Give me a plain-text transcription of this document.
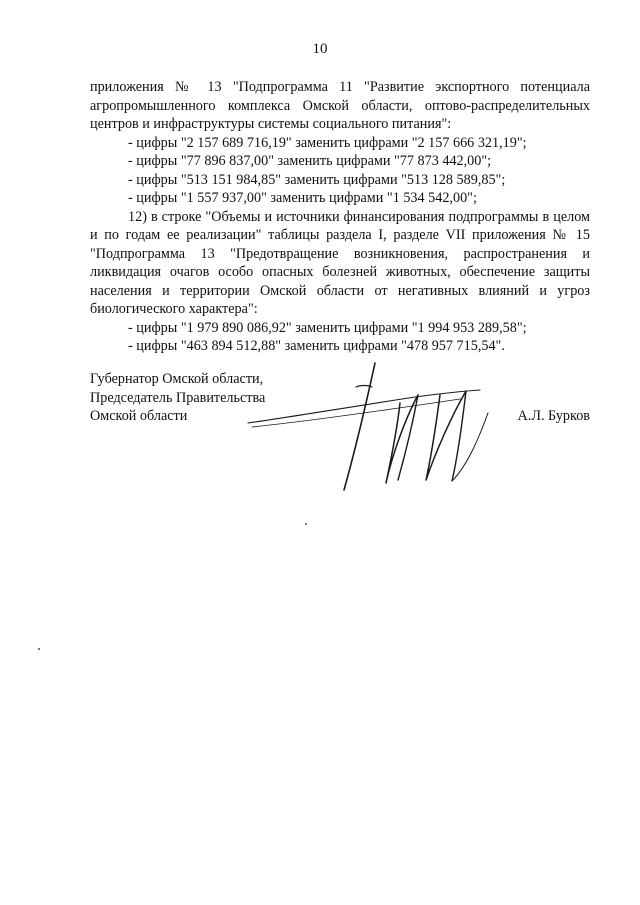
10

приложения № 13 "Подпрограмма 11 "Развитие экспортного потенциала агропромышленного комплекса Омской области, оптово-распределительных центров и инфраструктуры системы социального питания":

- цифры "2 157 689 716,19" заменить цифрами "2 157 666 321,19";

- цифры "77 896 837,00" заменить цифрами "77 873 442,00";

- цифры "513 151 984,85" заменить цифрами "513 128 589,85";

- цифры "1 557 937,00" заменить цифрами "1 534 542,00";

12) в строке "Объемы и источники финансирования подпрограммы в целом и по годам ее реализации" таблицы раздела I, разделе VII приложения № 15 "Подпрограмма 13 "Предотвращение возникновения, распространения и ликвидация очагов особо опасных болезней животных, обеспечение защиты населения и территории Омской области от негативных влияний и угроз биологического характера":

- цифры "1 979 890 086,92" заменить цифрами "1 994 953 289,58";

- цифры "463 894 512,88" заменить цифрами "478 957 715,54".

Губернатор Омской области,
Председатель Правительства
Омской области	А.Л. Бурков
